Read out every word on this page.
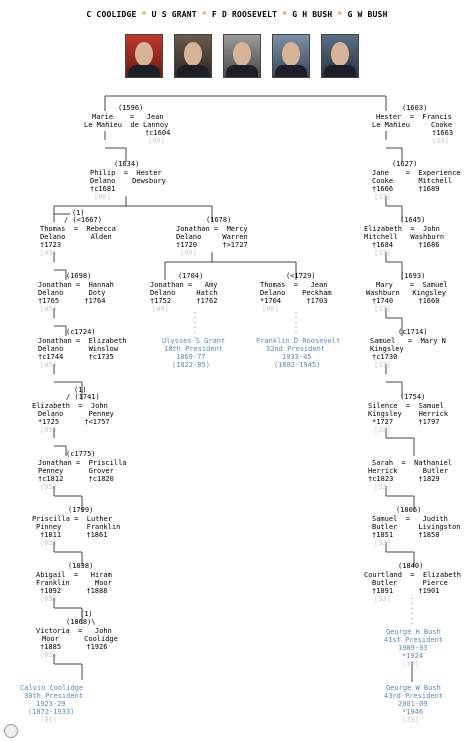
C COOLIDGE * U S GRANT * F D ROOSEVELT * G H BUSH * G W BUSH
(1596)
Marie    =   Jean
Le Mahieu  de Lannoy
†c1604
[00]
(1634)
Philip  =  Hester
Delano    Dewsbury
†c1681
[00]
(1)
/ (<1667)
Thomas  =  Rebecca
Delano      Alden
†1723
[43]
(1678)
Jonathan =  Mercy
Delano     Warren
†1720      †>1727
[00]
(1698)
Jonathan =  Hannah
Delano      Doty
†1765      †1764
[05]
(1704)
Jonathan =   Amy
Delano     Hatch
†1752      †1762
[00]
(<1729)
Thomas  =   Jean
Delano    Peckham
*1704      †1703
[00]
(c1724)
Jonathan =  Elizabeth
Delano      Winslow
†c1744      †c1735
[05]
Ulysses S Grant
18th President
1869-77
(1822-85)
Franklin D Roosevelt
32nd President
1933-45
(1882-1945)
(1)
/ (1741)
Elizabeth  =  John
Delano      Penney
*1725      †<1757
[05]
(c1775)
Jonathan =  Priscilla
Penney      Grover
†c1812      †c1820
[05]
(1799)
Priscilla =  Luther
Pinney      Franklin
†1811      †1861
[05]
(1838)
Abigail  =   Hiram
Franklin      Moor
†1892      †1888
[05]
(1)
(1868)\
Victoria  =   John
Moor      Coolidge
†1885      †1926
[05]
Calvin Coolidge
30th President
1923-29
(1872-1933)
[05]
(1603)
Hester  =  Francis
Le Mahieu     Cooke
†1663
[33]
(1627)
Jane    =  Experience
Cooke      Mitchell
†1666      †1689
[33]
(1645)
Elizabeth  =  John
Mitchell   Washburn
†1684      †1686
[33]
(1693)
Mary    =  Samuel
Washburn   Kingsley
†1740      †1660
[33]
(c1714)
Samuel   =  Mary N
Kingsley
†c1730
[33]
(1754)
Silence  =  Samuel
Kingsley    Herrick
*1727      †1797
[33]
Sarah  =  Nathaniel
Herrick      Butler
†c1823      †1829
[33]
(1806)
Samuel  =   Judith
Butler     Livingston
†1851      †1858
[33]
(1840)
Courtland  =  Elizabeth
Butler      Pierce
†1891      †1901
[33]
George H Bush
41st President
1989-93
*1924
[33]
George W Bush
43rd President
2001-09
*1946
[33]
